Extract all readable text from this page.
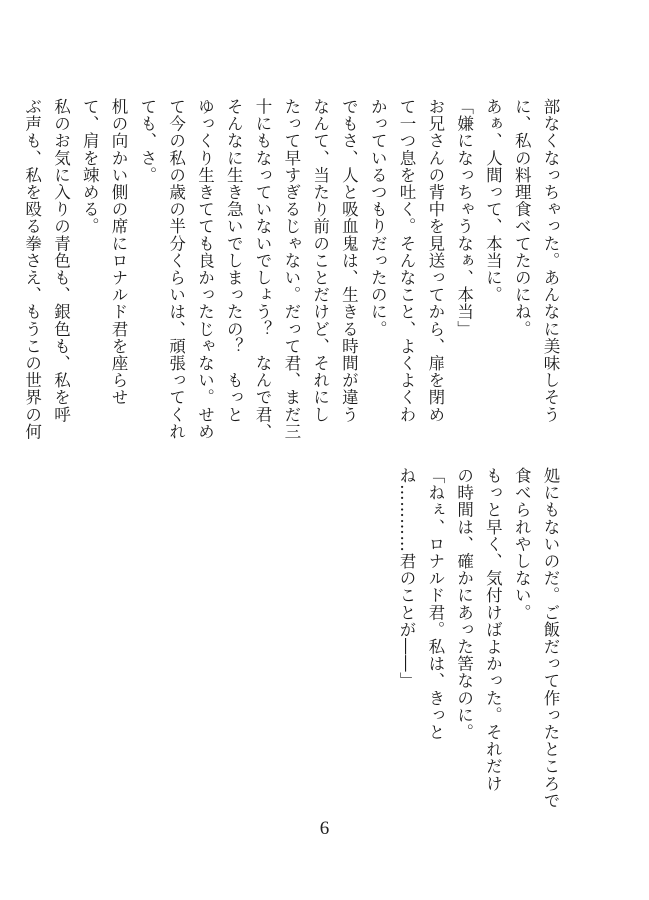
部なくなっちゃった。あんなに美味しそう
に、私の料理食べてたのにね。
あぁ、人間って、本当に。
「嫌になっちゃうなぁ、本当」
お兄さんの背中を見送ってから、扉を閉め
て一つ息を吐く。そんなこと、よくよくわ
かっているつもりだったのに。
でもさ、人と吸血鬼は、生きる時間が違う
なんて、当たり前のことだけど、それにし
たって早すぎるじゃない。だって君、まだ三
十にもなっていないでしょう？　なんで君、
そんなに生き急いでしまったの？　もっと
ゆっくり生きてても良かったじゃない。せめ
て今の私の歳の半分くらいは、頑張ってくれ
ても、さ。
机の向かい側の席にロナルド君を座らせ
て、肩を竦める。
私のお気に入りの青色も、銀色も、私を呼
ぶ声も、私を殴る拳さえ、もうこの世界の何
処にもないのだ。ご飯だって作ったところで
食べられやしない。
もっと早く、気付けばよかった。それだけ
の時間は、確かにあった筈なのに。
「ねぇ、ロナルド君。私は、きっと
ね…………君のことが――」
6
